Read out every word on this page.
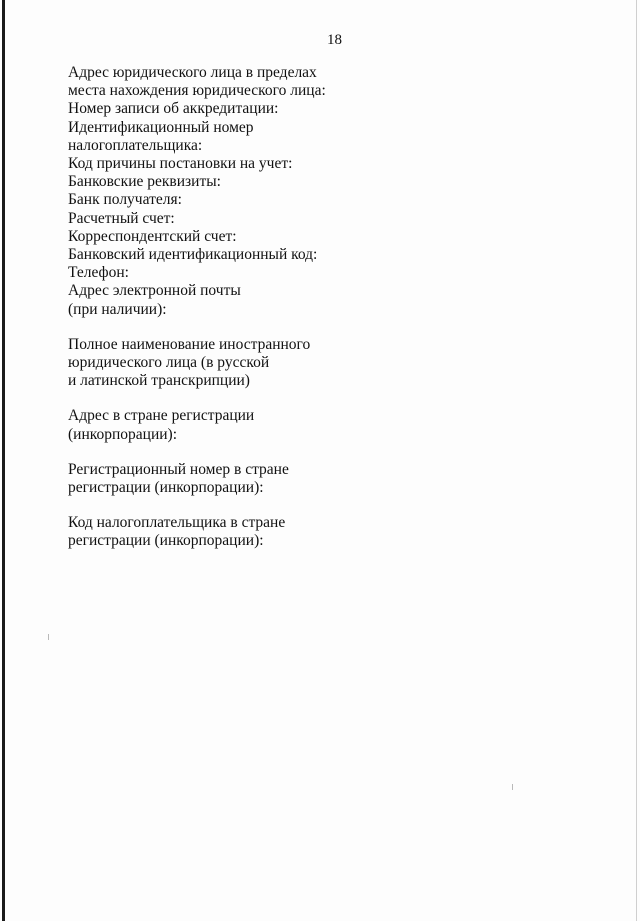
18
Адрес юридического лица в пределах
места нахождения юридического лица:
Номер записи об аккредитации:
Идентификационный номер
налогоплательщика:
Код причины постановки на учет:
Банковские реквизиты:
Банк получателя:
Расчетный счет:
Корреспондентский счет:
Банковский идентификационный код:
Телефон:
Адрес электронной почты
(при наличии):
Полное наименование иностранного
юридического лица (в русской
и латинской транскрипции)
Адрес в стране регистрации
(инкорпорации):
Регистрационный номер в стране
регистрации (инкорпорации):
Код налогоплательщика в стране
регистрации (инкорпорации):
